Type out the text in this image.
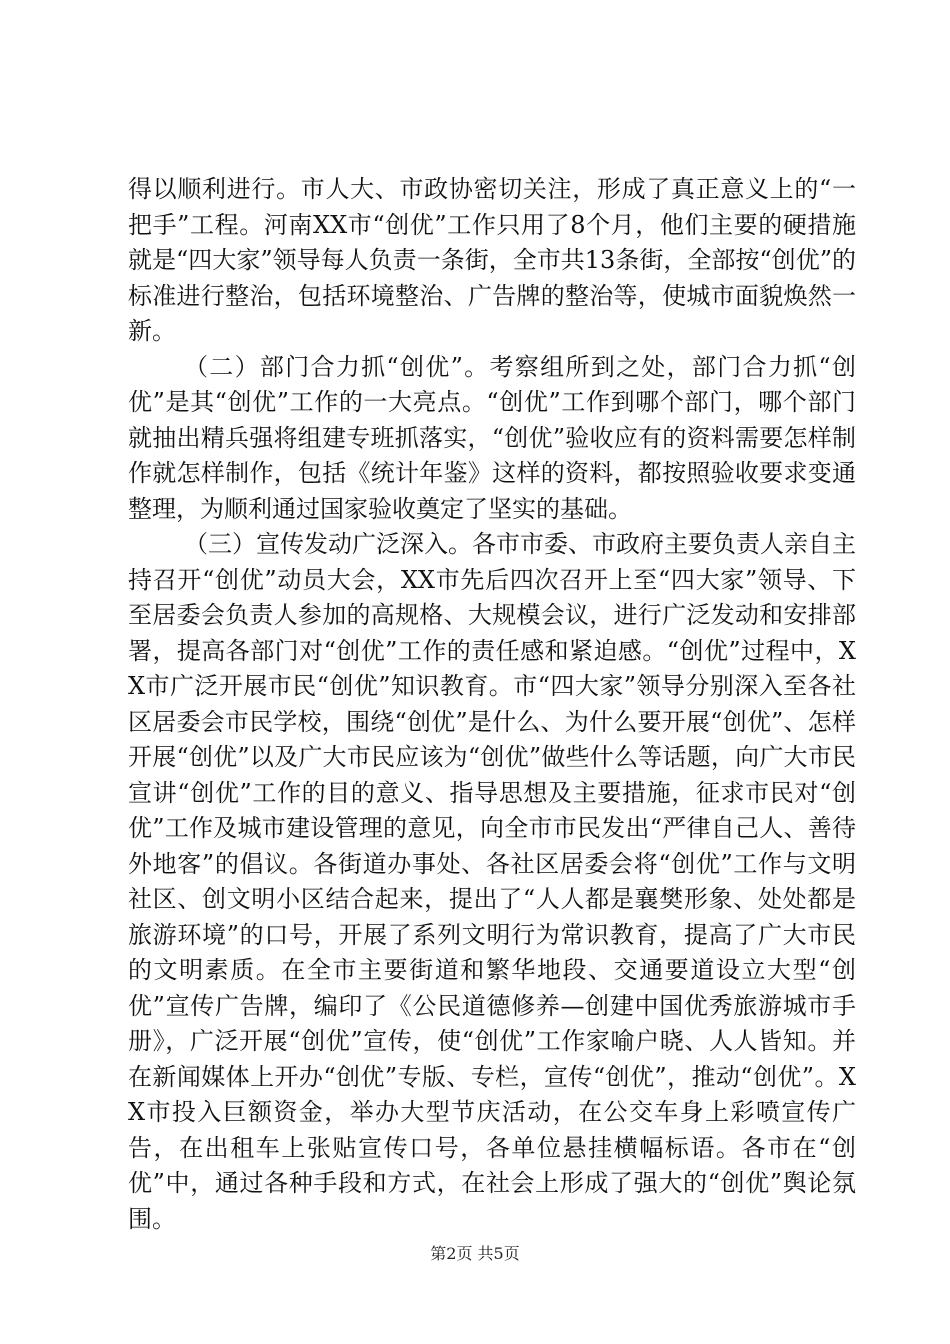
得以顺利进行。市人大、市政协密切关注，形成了真正意义上的“一把手”工程。河南XX市“创优”工作只用了8个月，他们主要的硬措施就是“四大家”领导每人负责一条街，全市共13条街，全部按“创优”的标准进行整治，包括环境整治、广告牌的整治等，使城市面貌焕然一新。

（二）部门合力抓“创优”。考察组所到之处，部门合力抓“创优”是其“创优”工作的一大亮点。“创优”工作到哪个部门，哪个部门就抽出精兵强将组建专班抓落实，“创优”验收应有的资料需要怎样制作就怎样制作，包括《统计年鉴》这样的资料，都按照验收要求变通整理，为顺利通过国家验收奠定了坚实的基础。

（三）宣传发动广泛深入。各市市委、市政府主要负责人亲自主持召开“创优”动员大会，XX市先后四次召开上至“四大家”领导、下至居委会负责人参加的高规格、大规模会议，进行广泛发动和安排部署，提高各部门对“创优”工作的责任感和紧迫感。“创优”过程中，XX市广泛开展市民“创优”知识教育。市“四大家”领导分别深入至各社区居委会市民学校，围绕“创优”是什么、为什么要开展“创优”、怎样开展“创优”以及广大市民应该为“创优”做些什么等话题，向广大市民宣讲“创优”工作的目的意义、指导思想及主要措施，征求市民对“创优”工作及城市建设管理的意见，向全市市民发出“严律自己人、善待外地客”的倡议。各街道办事处、各社区居委会将“创优”工作与文明社区、创文明小区结合起来，提出了“人人都是襄樊形象、处处都是旅游环境”的口号，开展了系列文明行为常识教育，提高了广大市民的文明素质。在全市主要街道和繁华地段、交通要道设立大型“创优”宣传广告牌，编印了《公民道德修养—创建中国优秀旅游城市手册》，广泛开展“创优”宣传，使“创优”工作家喻户晓、人人皆知。并在新闻媒体上开办“创优”专版、专栏，宣传“创优”，推动“创优”。XX市投入巨额资金，举办大型节庆活动，在公交车身上彩喷宣传广告，在出租车上张贴宣传口号，各单位悬挂横幅标语。各市在“创优”中，通过各种手段和方式，在社会上形成了强大的“创优”舆论氛围。

第2页 共5页
